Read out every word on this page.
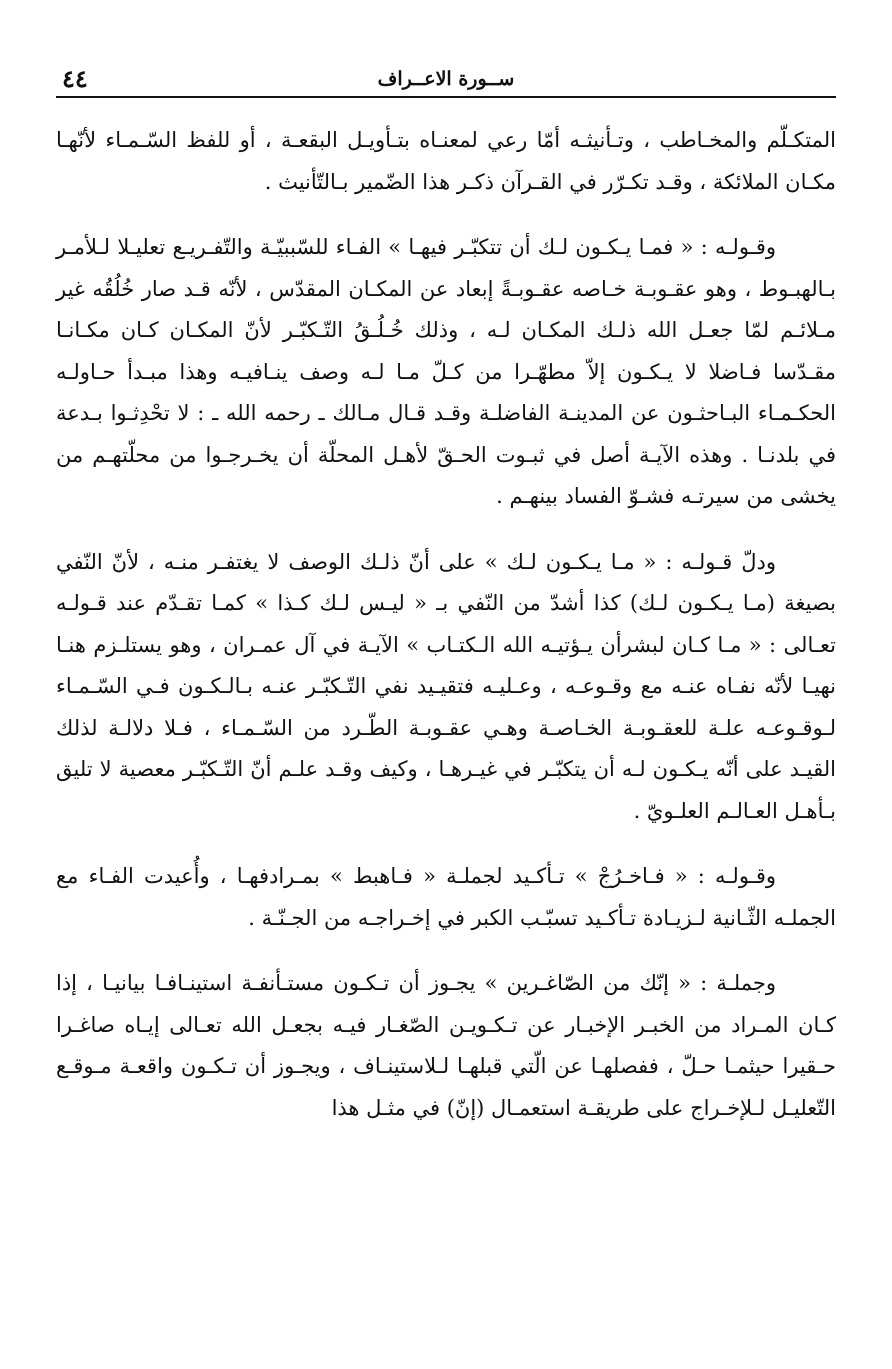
٤٤	ســورة الاعــراف

المتكـلّم والمخـاطب ، وتـأنيثـه أمّا رعي لمعنـاه بتـأويـل البقعـة ، أو للفظ السّـمـاء لأنّهـا مكـان الملائكة ، وقـد تكـرّر في القـرآن ذكـر هذا الضّمير بـالتّأنيث .

وقـولـه : « فمـا يـكـون لـك أن تتكبّـر فيهـا » الفـاء للسّببيّـة والتّفـريـع تعليـلا لـلأمـر بـالهبـوط ، وهو عقـوبـة خـاصه عقـوبـةً إبعاد عن المكـان المقدّس ، لأنّه قـد صار خُلُقُه غير مـلائـم لمّا جعـل الله ذلـك المكـان لـه ، وذلك خُـلُـقُ التّـكبّـر لأنّ المكـان كـان مكـانـا مقـدّسا فـاضلا لا يـكـون إلاّ مطهّـرا من كـلّ مـا لـه وصف ينـافيـه وهذا مبـدأ حـاولـه الحكـمـاء البـاحثـون عن المدينـة الفاضلـة وقـد قـال مـالك ـ رحمه الله ـ : لا تحْدِثـوا بـدعة في بلدنـا . وهذه الآيـة أصل في ثبـوت الحـقّ لأهـل المحلّة أن يخـرجـوا من محلّتهـم من يخشى من سيرتـه فشـوّ الفساد بينهـم .

ودلّ قـولـه : « مـا يـكـون لـك » على أنّ ذلـك الوصف لا يغتفـر منـه ، لأنّ النّفي بصيغة (مـا يـكـون لـك) كذا أشدّ من النّفي بـ « ليـس لـك كـذا » كمـا تقـدّم عند قـولـه تعـالى : « مـا كـان لبشرأن يـؤتيـه الله الـكتـاب » الآيـة في آل عمـران ، وهو يستلـزم هنـا نهيـا لأنّه نفـاه عنـه مع وقـوعـه ، وعـليـه فتقيـيد نفي التّـكبّـر عنـه بـالـكـون فـي السّـمـاء لـوقـوعـه علـة للعقـوبـة الخـاصـة وهـي عقـوبـة الطّـرد من السّـمـاء ، فـلا دلالـة لذلك القيـد على أنّه يـكـون لـه أن يتكبّـر في غيـرهـا ، وكيف وقـد علـم أنّ التّـكبّـر معصية لا تليق بـأهـل العـالـم العلـويّ .

وقـولـه : « فـاخـرُجْ » تـأكـيد لجملـة « فـاهبط » بمـرادفهـا ، وأُعيدت الفـاء مع الجملـه الثّـانية لـزيـادة تـأكـيد تسبّـب الكبر في إخـراجـه من الجـنّـة .

وجملـة : « إنّك من الصّاغـرين » يجـوز أن تـكـون مستـأنفـة استينـافـا بيانيـا ، إذا كـان المـراد من الخبـر الإخبـار عن تـكـويـن الصّغـار فيـه بجعـل الله تعـالى إيـاه صاغـرا حـقيرا حيثمـا حـلّ ، ففصلهـا عن الّتي قبلهـا لـلاستينـاف ، ويجـوز أن تـكـون واقعـة مـوقـع التّعليـل لـلإخـراج على طريقـة استعمـال (إنّ) في مثـل هذا
